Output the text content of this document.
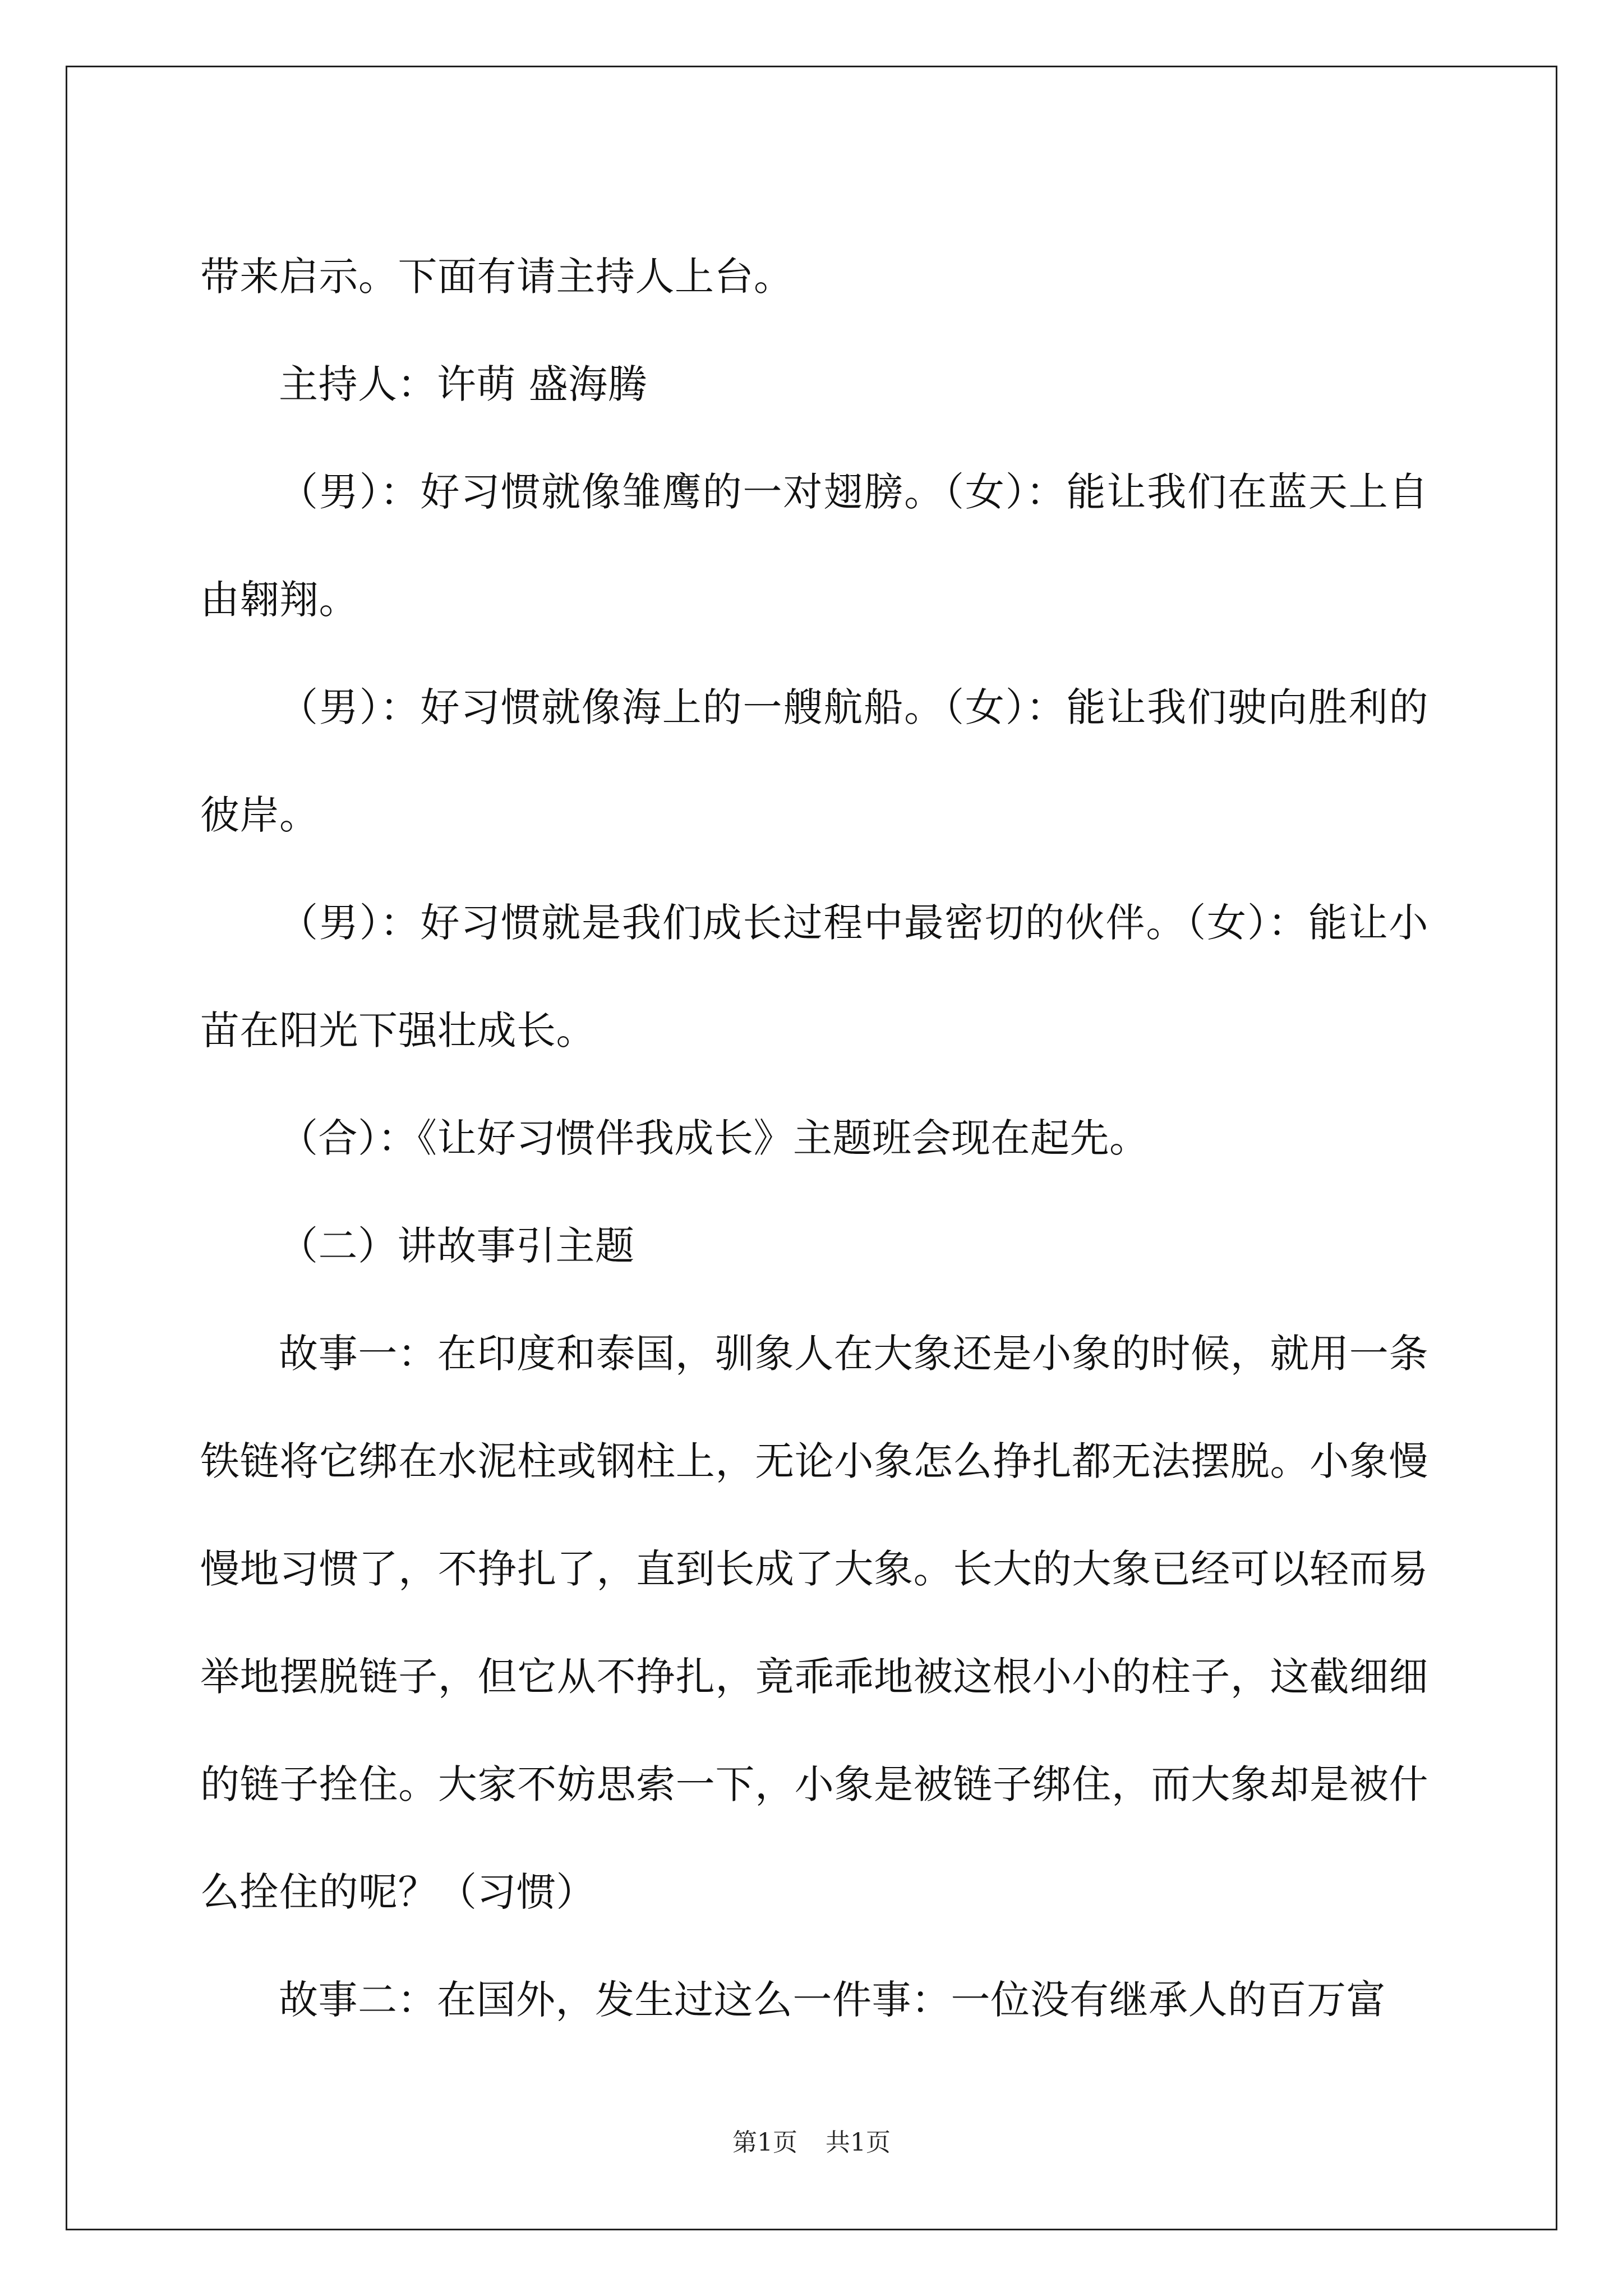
带来启示。下面有请主持人上台。

主持人：许萌 盛海腾

（男）：好习惯就像雏鹰的一对翅膀。（女）：能让我们在蓝天上自由翱翔。

（男）：好习惯就像海上的一艘航船。（女）：能让我们驶向胜利的彼岸。

（男）：好习惯就是我们成长过程中最密切的伙伴。（女）：能让小苗在阳光下强壮成长。

（合）：《让好习惯伴我成长》主题班会现在起先。

（二）讲故事引主题

故事一：在印度和泰国，驯象人在大象还是小象的时候，就用一条铁链将它绑在水泥柱或钢柱上，无论小象怎么挣扎都无法摆脱。小象慢慢地习惯了，不挣扎了，直到长成了大象。长大的大象已经可以轻而易举地摆脱链子，但它从不挣扎，竟乖乖地被这根小小的柱子，这截细细的链子拴住。大家不妨思索一下，小象是被链子绑住，而大象却是被什么拴住的呢？（习惯）

故事二：在国外，发生过这么一件事：一位没有继承人的百万富

第1页 共1页
